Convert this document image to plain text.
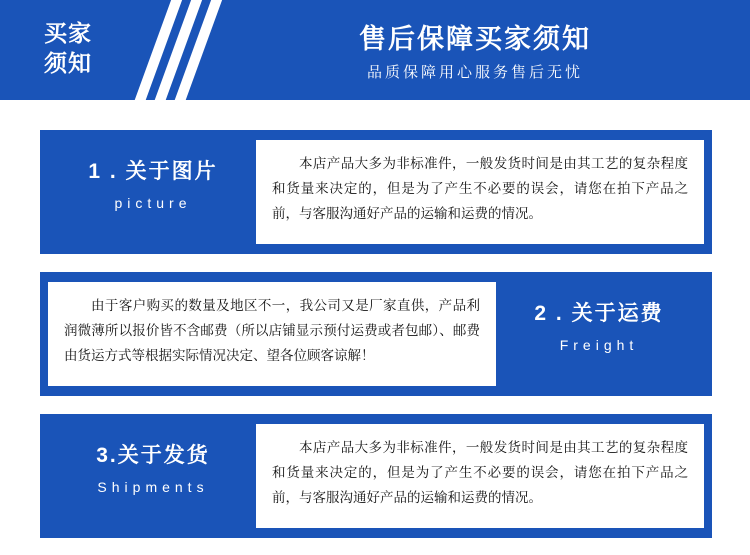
买家
须知
售后保障买家须知
品质保障用心服务售后无忧
1 . 关于图片
picture

本店产品大多为非标准件，一般发货时间是由其工艺的复杂程度和货量来决定的，但是为了产生不必要的误会，请您在拍下产品之前，与客服沟通好产品的运输和运费的情况。

由于客户购买的数量及地区不一，我公司又是厂家直供，产品利润微薄所以报价皆不含邮费（所以店铺显示预付运费或者包邮）、邮费由货运方式等根据实际情况决定、望各位顾客谅解！

2 . 关于运费
Freight
3.关于发货
Shipments

本店产品大多为非标准件，一般发货时间是由其工艺的复杂程度和货量来决定的，但是为了产生不必要的误会，请您在拍下产品之前，与客服沟通好产品的运输和运费的情况。
